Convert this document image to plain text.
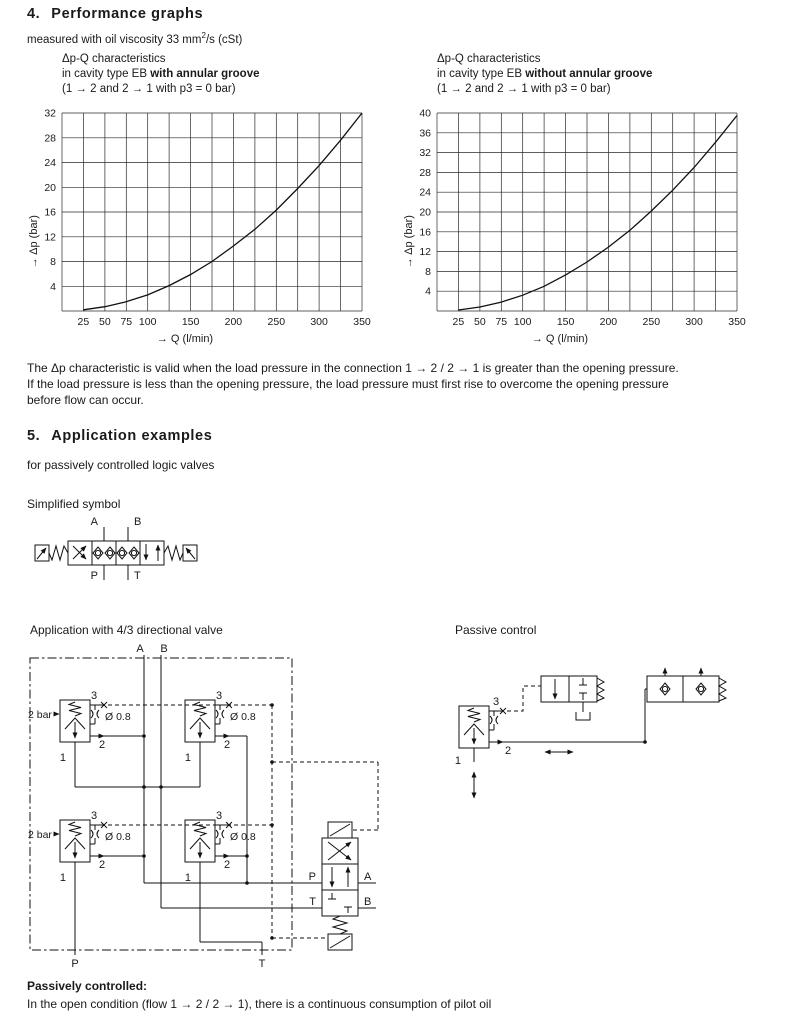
4. Performance graphs
measured with oil viscosity 33 $mm^2/s$ (cSt)
Δp-Q characteristics
in cavity type EB with annular groove
(1 → 2 and 2 → 1 with p3 = 0 bar)
4
8
12
16
20
24
28
32
25 50 75 100 150 200 250 300 350
→ Q (l/min)
→ Δp (bar)
Δp-Q characteristics
in cavity type EB without annular groove
(1 → 2 and 2 → 1 with p3 = 0 bar)
4
8
12
16
20
24
28
32
36
40
25 50 75 100 150 200 250 300 350
→ Q (l/min)
→ Δp (bar)
The Δp characteristic is valid when the load pressure in the connection 1 → 2 / 2 → 1 is greater than the opening pressure.
If the load pressure is less than the opening pressure, the load pressure must first rise to overcome the opening pressure
before flow can occur.
5. Application examples
for passively controlled logic valves
Simplified symbol
A	B
P	T
Application with 4/3 directional valve	Passive control
A B
P	T
P	A
T	B
2 bar
2 bar
3
Ø 0.8
2
1
3
Ø 0.8
2
1
3
Ø 0.8
2
1
3
Ø 0.8
2
1
3
2
1
Passively controlled:
In the open condition (flow 1 → 2 / 2 → 1), there is a continuous consumption of pilot oil
